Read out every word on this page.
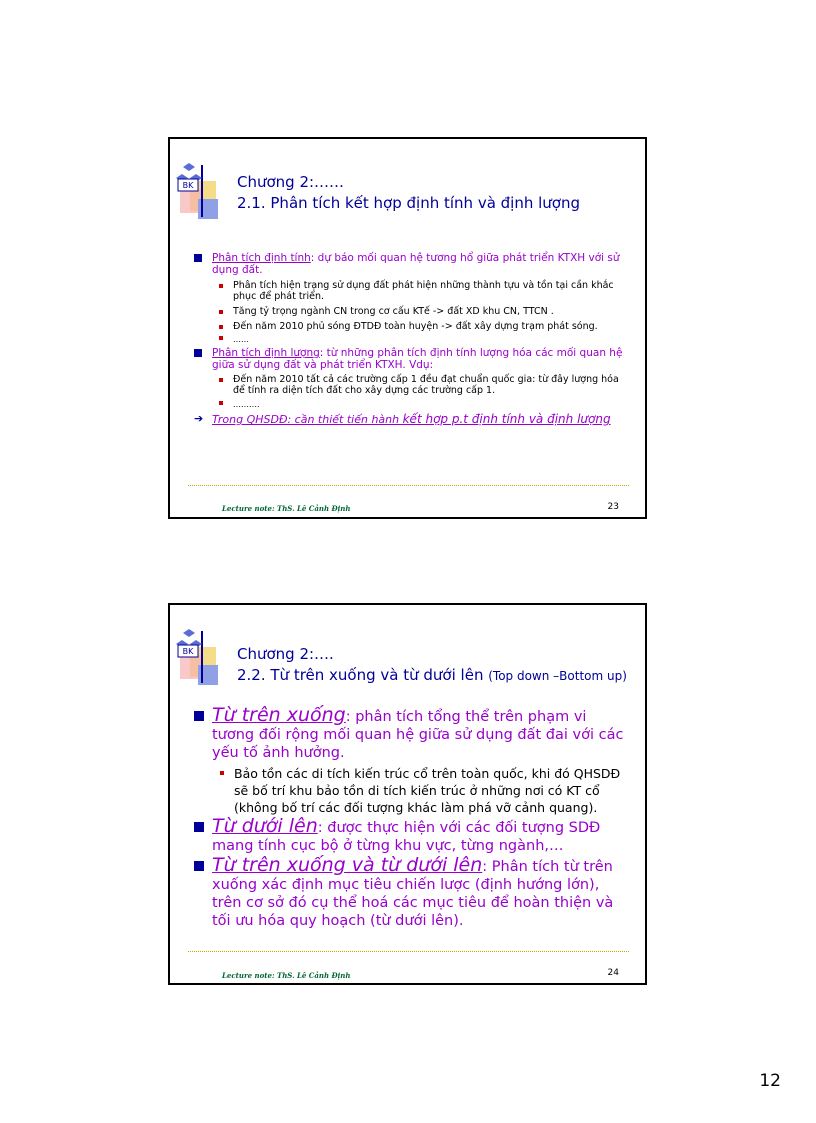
BK	Chương 2:……
2.1. Phân tích kết hợp định tính và định lượng
Phân tích định tính: dự báo mối quan hệ tương hổ giữa phát triển KTXH với sử dụng đất.
Phân tích hiện trạng sử dụng đất phát hiện những thành tựu và tồn tại cần khắc phục để phát triển.
Tăng tỷ trọng ngành CN trong cơ cấu KTế -> đất XD khu CN, TTCN .
Đến năm 2010 phủ sóng ĐTDĐ toàn huyện -> đất xây dựng trạm phát sóng.
……
Phân tích định lượng: từ những phân tích định tính lượng hóa các mối quan hệ giữa sử dụng đất và phát triển KTXH. Vdụ:
Đến năm 2010 tất cả các trường cấp 1 đều đạt chuẩn quốc gia: từ đây lượng hóa để tính ra diện tích đất cho xây dựng các trường cấp 1.
……….
➔ Trong QHSDĐ: cần thiết tiến hành kết hợp p.t định tính và định lượng
Lecture note: ThS. Lê Cảnh Định	23
BK	Chương 2:….
2.2. Từ trên xuống và từ dưới lên (Top down –Bottom up)
Từ trên xuống: phân tích tổng thể trên phạm vi tương đối rộng mối quan hệ giữa sử dụng đất đai với các yếu tố ảnh hưởng.
Bảo tồn các di tích kiến trúc cổ trên toàn quốc, khi đó QHSDĐ sẽ bố trí khu bảo tồn di tích kiến trúc ở những nơi có KT cổ (không bố trí các đối tượng khác làm phá vỡ cảnh quang).
Từ dưới lên: được thực hiện với các đối tượng SDĐ mang tính cục bộ ở từng khu vực, từng ngành,…
Từ trên xuống và từ dưới lên: Phân tích từ trên xuống xác định mục tiêu chiến lược (định hướng lớn), trên cơ sở đó cụ thể hoá các mục tiêu để hoàn thiện và tối ưu hóa quy hoạch (từ dưới lên).
Lecture note: ThS. Lê Cảnh Định	24
12
